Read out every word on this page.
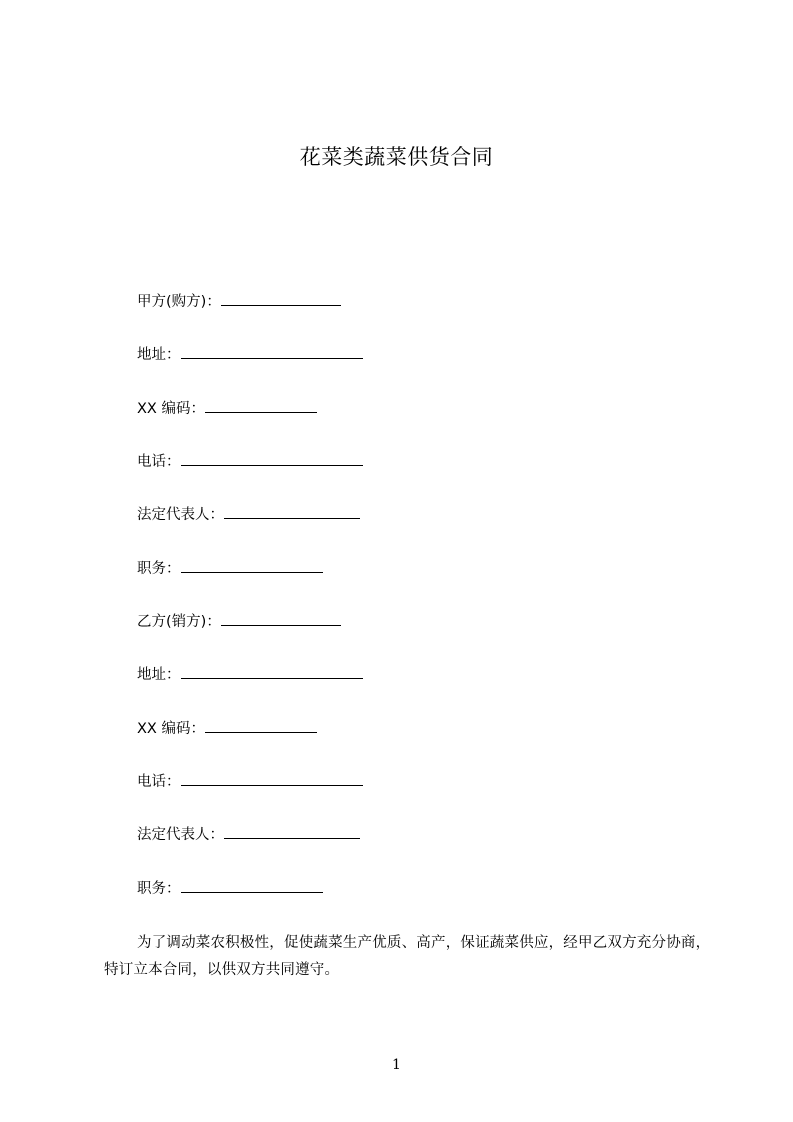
花菜类蔬菜供货合同
甲方(购方)：
地址：
XX 编码：
电话：
法定代表人：
职务：
乙方(销方)：
地址：
XX 编码：
电话：
法定代表人：
职务：
为了调动菜农积极性，促使蔬菜生产优质、高产，保证蔬菜供应，经甲乙双方充分协商，特订立本合同，以供双方共同遵守。
1
